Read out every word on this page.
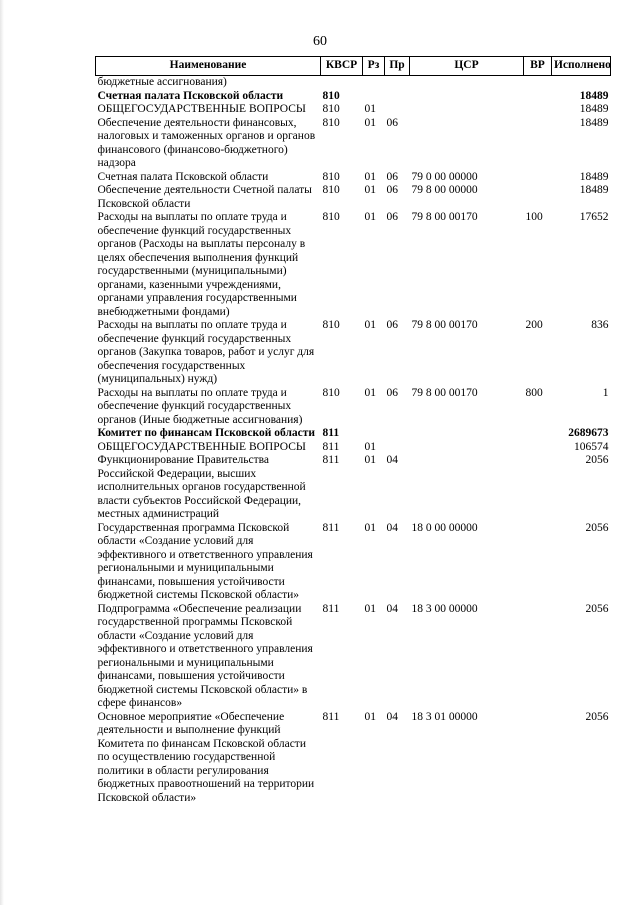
60
Наименование	КВСР	Рз	Пр	ЦСР	ВР	Исполнено
бюджетные ассигнования)						
Счетная палата Псковской области	810					18489
ОБЩЕГОСУДАРСТВЕННЫЕ ВОПРОСЫ	810	01				18489
Обеспечение деятельности финансовых, налоговых и таможенных органов и органов финансового (финансово-бюджетного) надзора	810	01	06			18489
Счетная палата Псковской области	810	01	06	79 0 00 00000		18489
Обеспечение деятельности Счетной палаты Псковской области	810	01	06	79 8 00 00000		18489
Расходы на выплаты по оплате труда и обеспечение функций государственных органов (Расходы на выплаты персоналу в целях обеспечения выполнения функций государственными (муниципальными) органами, казенными учреждениями, органами управления государственными внебюджетными фондами)	810	01	06	79 8 00 00170	100	17652
Расходы на выплаты по оплате труда и обеспечение функций государственных органов (Закупка товаров, работ и услуг для обеспечения государственных (муниципальных) нужд)	810	01	06	79 8 00 00170	200	836
Расходы на выплаты по оплате труда и обеспечение функций государственных органов (Иные бюджетные ассигнования)	810	01	06	79 8 00 00170	800	1
Комитет по финансам Псковской области	811					2689673
ОБЩЕГОСУДАРСТВЕННЫЕ ВОПРОСЫ	811	01				106574
Функционирование Правительства Российской Федерации, высших исполнительных органов государственной власти субъектов Российской Федерации, местных администраций	811	01	04			2056
Государственная программа Псковской области «Создание условий для эффективного и ответственного управления региональными и муниципальными финансами, повышения устойчивости бюджетной системы Псковской области»	811	01	04	18 0 00 00000		2056
Подпрограмма «Обеспечение реализации государственной программы Псковской области «Создание условий для эффективного и ответственного управления региональными и муниципальными финансами, повышения устойчивости бюджетной системы Псковской области» в сфере финансов»	811	01	04	18 3 00 00000		2056
Основное мероприятие «Обеспечение деятельности и выполнение функций Комитета по финансам Псковской области по осуществлению государственной политики в области регулирования бюджетных правоотношений на территории Псковской области»	811	01	04	18 3 01 00000		2056
